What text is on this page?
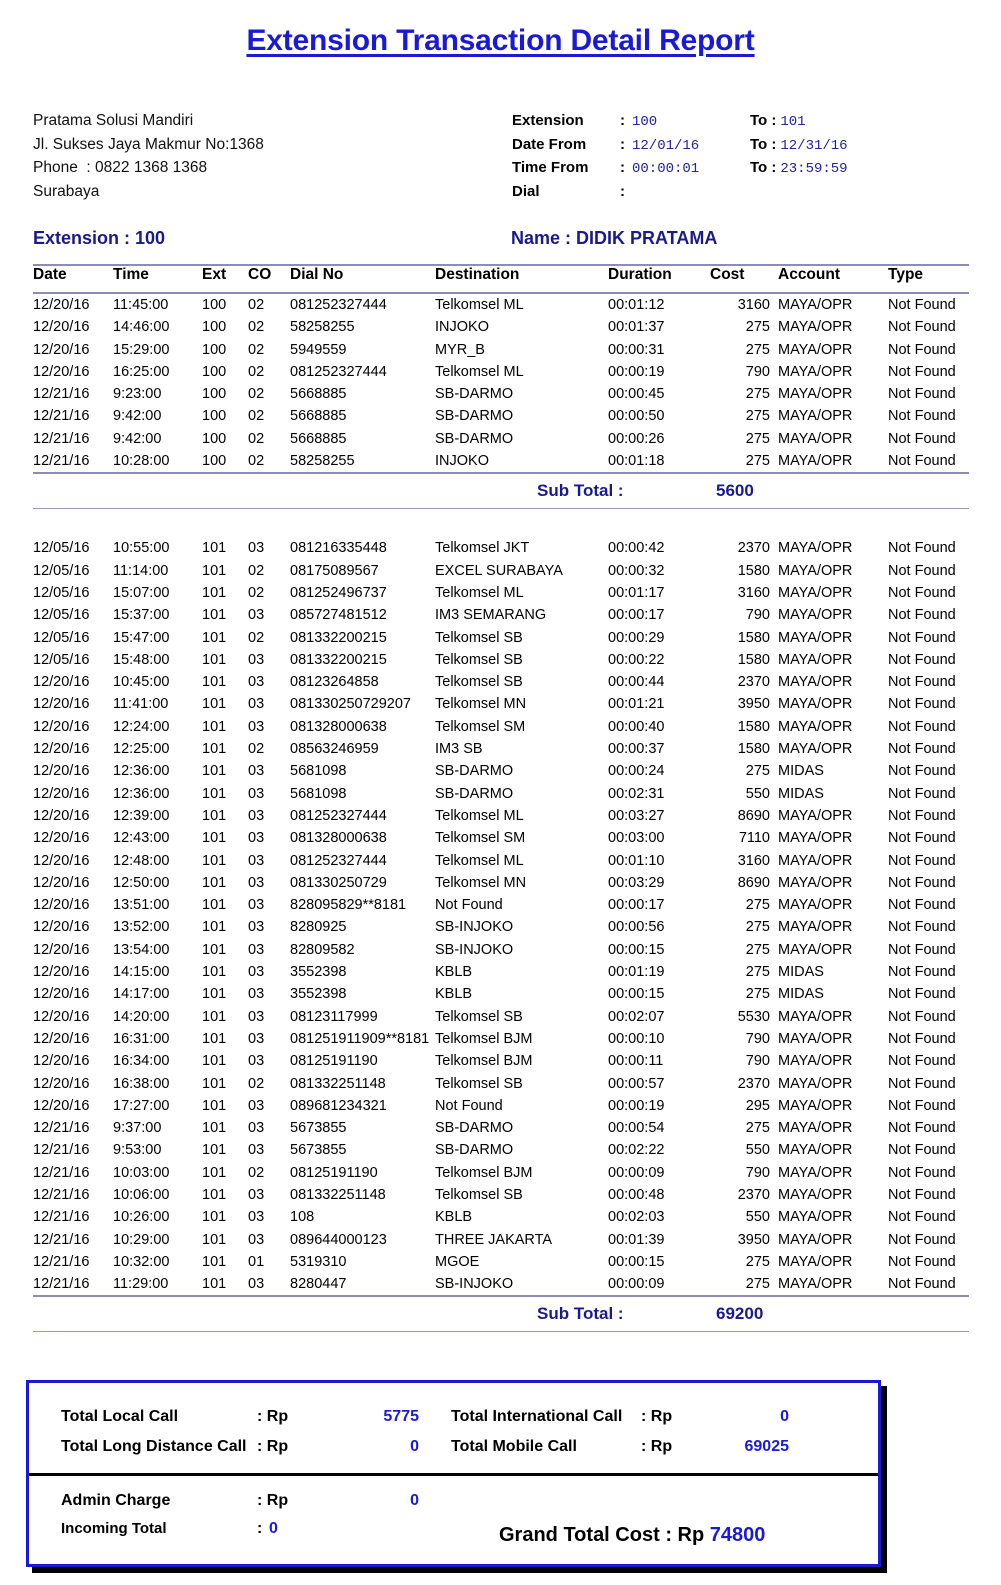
Extension Transaction Detail Report
Pratama Solusi Mandiri
Jl. Sukses Jaya Makmur No:1368
Phone  : 0822 1368 1368
Surabaya
Extension	: 100	To : 101
Date From	: 12/01/16	To : 12/31/16
Time From	: 00:00:01	To : 23:59:59
Dial	:
Extension : 100	Name : DIDIK PRATAMA
Date	Time	Ext	CO	Dial No	Destination	Duration	Cost	Account	Type
12/20/16	11:45:00	100	02	081252327444	Telkomsel ML	00:01:12	3160	MAYA/OPR	Not Found
12/20/16	14:46:00	100	02	58258255	INJOKO	00:01:37	275	MAYA/OPR	Not Found
12/20/16	15:29:00	100	02	5949559	MYR_B	00:00:31	275	MAYA/OPR	Not Found
12/20/16	16:25:00	100	02	081252327444	Telkomsel ML	00:00:19	790	MAYA/OPR	Not Found
12/21/16	9:23:00	100	02	5668885	SB-DARMO	00:00:45	275	MAYA/OPR	Not Found
12/21/16	9:42:00	100	02	5668885	SB-DARMO	00:00:50	275	MAYA/OPR	Not Found
12/21/16	9:42:00	100	02	5668885	SB-DARMO	00:00:26	275	MAYA/OPR	Not Found
12/21/16	10:28:00	100	02	58258255	INJOKO	00:01:18	275	MAYA/OPR	Not Found
Sub Total :	5600
12/05/16	10:55:00	101	03	081216335448	Telkomsel JKT	00:00:42	2370	MAYA/OPR	Not Found
12/05/16	11:14:00	101	02	08175089567	EXCEL SURABAYA	00:00:32	1580	MAYA/OPR	Not Found
12/05/16	15:07:00	101	02	081252496737	Telkomsel ML	00:01:17	3160	MAYA/OPR	Not Found
12/05/16	15:37:00	101	03	085727481512	IM3 SEMARANG	00:00:17	790	MAYA/OPR	Not Found
12/05/16	15:47:00	101	02	081332200215	Telkomsel SB	00:00:29	1580	MAYA/OPR	Not Found
12/05/16	15:48:00	101	03	081332200215	Telkomsel SB	00:00:22	1580	MAYA/OPR	Not Found
12/20/16	10:45:00	101	03	08123264858	Telkomsel SB	00:00:44	2370	MAYA/OPR	Not Found
12/20/16	11:41:00	101	03	081330250729207	Telkomsel MN	00:01:21	3950	MAYA/OPR	Not Found
12/20/16	12:24:00	101	03	081328000638	Telkomsel SM	00:00:40	1580	MAYA/OPR	Not Found
12/20/16	12:25:00	101	02	08563246959	IM3 SB	00:00:37	1580	MAYA/OPR	Not Found
12/20/16	12:36:00	101	03	5681098	SB-DARMO	00:00:24	275	MIDAS	Not Found
12/20/16	12:36:00	101	03	5681098	SB-DARMO	00:02:31	550	MIDAS	Not Found
12/20/16	12:39:00	101	03	081252327444	Telkomsel ML	00:03:27	8690	MAYA/OPR	Not Found
12/20/16	12:43:00	101	03	081328000638	Telkomsel SM	00:03:00	7110	MAYA/OPR	Not Found
12/20/16	12:48:00	101	03	081252327444	Telkomsel ML	00:01:10	3160	MAYA/OPR	Not Found
12/20/16	12:50:00	101	03	081330250729	Telkomsel MN	00:03:29	8690	MAYA/OPR	Not Found
12/20/16	13:51:00	101	03	828095829**8181	Not Found	00:00:17	275	MAYA/OPR	Not Found
12/20/16	13:52:00	101	03	8280925	SB-INJOKO	00:00:56	275	MAYA/OPR	Not Found
12/20/16	13:54:00	101	03	82809582	SB-INJOKO	00:00:15	275	MAYA/OPR	Not Found
12/20/16	14:15:00	101	03	3552398	KBLB	00:01:19	275	MIDAS	Not Found
12/20/16	14:17:00	101	03	3552398	KBLB	00:00:15	275	MIDAS	Not Found
12/20/16	14:20:00	101	03	08123117999	Telkomsel SB	00:02:07	5530	MAYA/OPR	Not Found
12/20/16	16:31:00	101	03	081251911909**8181	Telkomsel BJM	00:00:10	790	MAYA/OPR	Not Found
12/20/16	16:34:00	101	03	08125191190	Telkomsel BJM	00:00:11	790	MAYA/OPR	Not Found
12/20/16	16:38:00	101	02	081332251148	Telkomsel SB	00:00:57	2370	MAYA/OPR	Not Found
12/20/16	17:27:00	101	03	089681234321	Not Found	00:00:19	295	MAYA/OPR	Not Found
12/21/16	9:37:00	101	03	5673855	SB-DARMO	00:00:54	275	MAYA/OPR	Not Found
12/21/16	9:53:00	101	03	5673855	SB-DARMO	00:02:22	550	MAYA/OPR	Not Found
12/21/16	10:03:00	101	02	08125191190	Telkomsel BJM	00:00:09	790	MAYA/OPR	Not Found
12/21/16	10:06:00	101	03	081332251148	Telkomsel SB	00:00:48	2370	MAYA/OPR	Not Found
12/21/16	10:26:00	101	03	108	KBLB	00:02:03	550	MAYA/OPR	Not Found
12/21/16	10:29:00	101	03	089644000123	THREE JAKARTA	00:01:39	3950	MAYA/OPR	Not Found
12/21/16	10:32:00	101	01	5319310	MGOE	00:00:15	275	MAYA/OPR	Not Found
12/21/16	11:29:00	101	03	8280447	SB-INJOKO	00:00:09	275	MAYA/OPR	Not Found
Sub Total :	69200
Total Local Call	: Rp	5775
Total Long Distance Call : Rp	0
Total International Call : Rp	0
Total Mobile Call	: Rp	69025
Admin Charge	: Rp	0
Incoming Total	: 0	Grand Total Cost : Rp 74800
